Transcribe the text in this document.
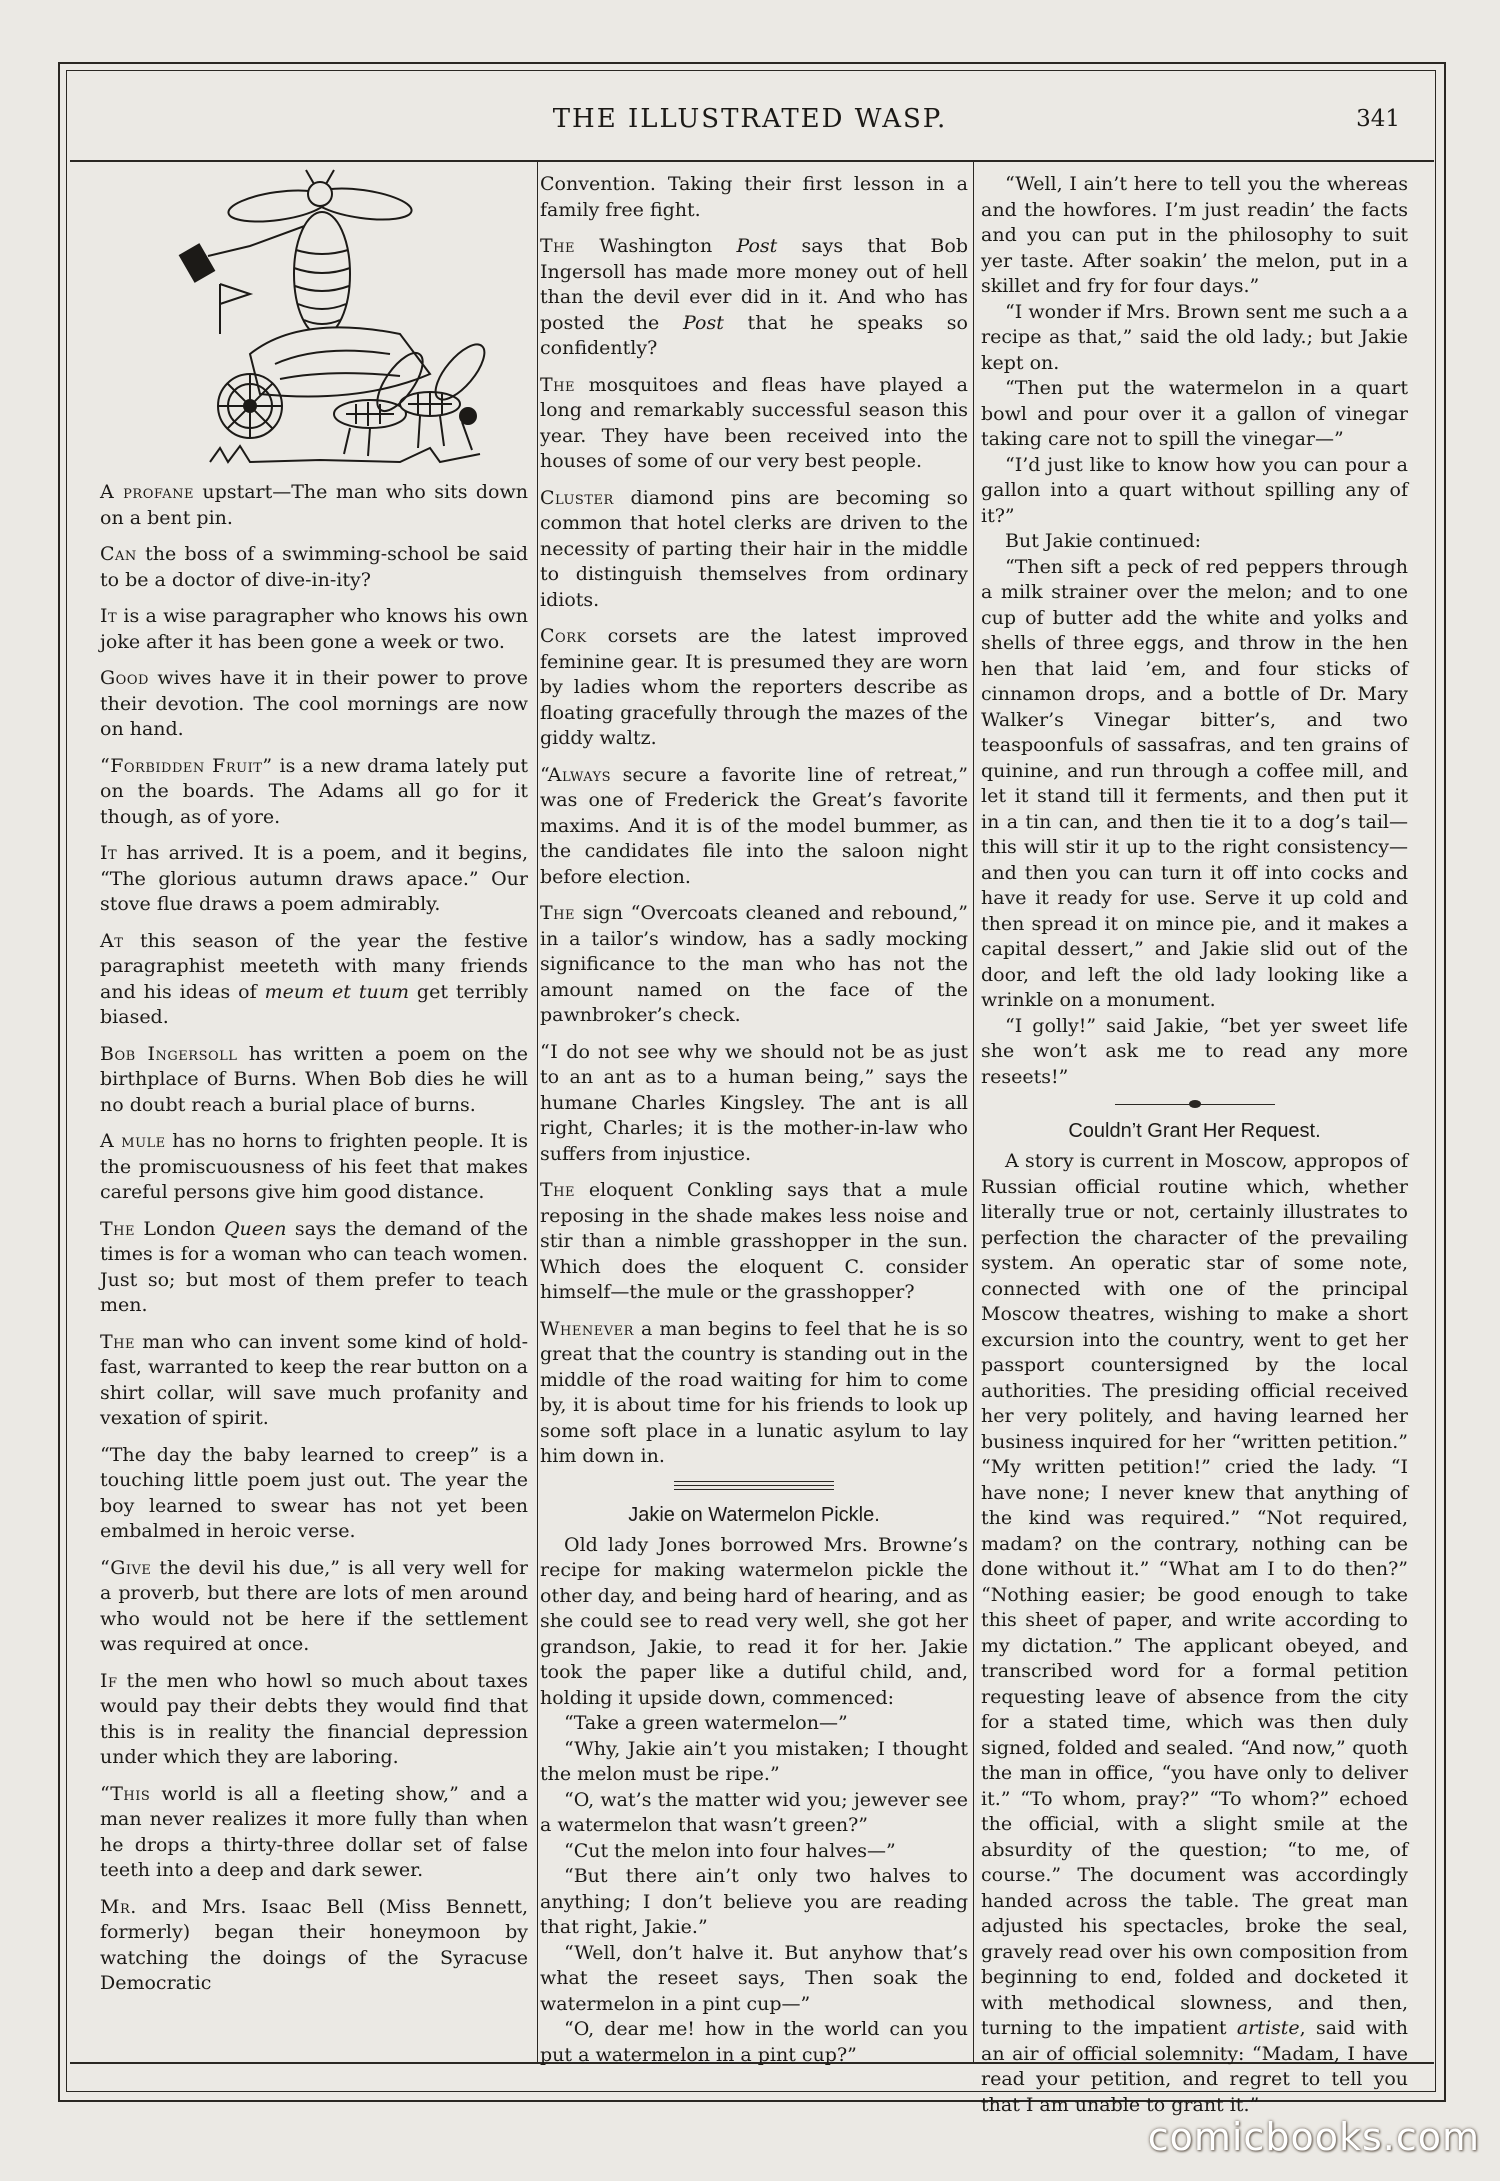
THE ILLUSTRATED WASP.	341

A profane upstart—The man who sits down on a bent pin.

Can the boss of a swimming-school be said to be a doctor of dive-in-ity?

It is a wise paragrapher who knows his own joke after it has been gone a week or two.

Good wives have it in their power to prove their devotion. The cool mornings are now on hand.

“Forbidden Fruit” is a new drama lately put on the boards. The Adams all go for it though, as of yore.

It has arrived. It is a poem, and it begins, “The glorious autumn draws apace.” Our stove flue draws a poem admirably.

At this season of the year the festive paragraphist meeteth with many friends and his ideas of meum et tuum get terribly biased.

Bob Ingersoll has written a poem on the birthplace of Burns. When Bob dies he will no doubt reach a burial place of burns.

A mule has no horns to frighten people. It is the promiscuousness of his feet that makes careful persons give him good distance.

The London Queen says the demand of the times is for a woman who can teach women. Just so; but most of them prefer to teach men.

The man who can invent some kind of hold-fast, warranted to keep the rear button on a shirt collar, will save much profanity and vexation of spirit.

“The day the baby learned to creep” is a touching little poem just out. The year the boy learned to swear has not yet been embalmed in heroic verse.

“Give the devil his due,” is all very well for a proverb, but there are lots of men around who would not be here if the settlement was required at once.

If the men who howl so much about taxes would pay their debts they would find that this is in reality the financial depression under which they are laboring.

“This world is all a fleeting show,” and a man never realizes it more fully than when he drops a thirty-three dollar set of false teeth into a deep and dark sewer.

Mr. and Mrs. Isaac Bell (Miss Bennett, formerly) began their honeymoon by watching the doings of the Syracuse Democratic

Convention. Taking their first lesson in a family free fight.

The Washington Post says that Bob Ingersoll has made more money out of hell than the devil ever did in it. And who has posted the Post that he speaks so confidently?

The mosquitoes and fleas have played a long and remarkably successful season this year. They have been received into the houses of some of our very best people.

Cluster diamond pins are becoming so common that hotel clerks are driven to the necessity of parting their hair in the middle to distinguish themselves from ordinary idiots.

Cork corsets are the latest improved feminine gear. It is presumed they are worn by ladies whom the reporters describe as floating gracefully through the mazes of the giddy waltz.

“Always secure a favorite line of retreat,” was one of Frederick the Great’s favorite maxims. And it is of the model bummer, as the candidates file into the saloon night before election.

The sign “Overcoats cleaned and rebound,” in a tailor’s window, has a sadly mocking significance to the man who has not the amount named on the face of the pawnbroker’s check.

“I do not see why we should not be as just to an ant as to a human being,” says the humane Charles Kingsley. The ant is all right, Charles; it is the mother-in-law who suffers from injustice.

The eloquent Conkling says that a mule reposing in the shade makes less noise and stir than a nimble grasshopper in the sun. Which does the eloquent C. consider himself—the mule or the grasshopper?

Whenever a man begins to feel that he is so great that the country is standing out in the middle of the road waiting for him to come by, it is about time for his friends to look up some soft place in a lunatic asylum to lay him down in.

Jakie on Watermelon Pickle.

Old lady Jones borrowed Mrs. Browne’s recipe for making watermelon pickle the other day, and being hard of hearing, and as she could see to read very well, she got her grandson, Jakie, to read it for her. Jakie took the paper like a dutiful child, and, holding it upside down, commenced:

“Take a green watermelon—”

“Why, Jakie ain’t you mistaken; I thought the melon must be ripe.”

“O, wat’s the matter wid you; jewever see a watermelon that wasn’t green?”

“Cut the melon into four halves—”

“But there ain’t only two halves to anything; I don’t believe you are reading that right, Jakie.”

“Well, don’t halve it. But anyhow that’s what the reseet says, Then soak the watermelon in a pint cup—”

“O, dear me! how in the world can you put a watermelon in a pint cup?”

“Well, I ain’t here to tell you the whereas and the howfores. I’m just readin’ the facts and you can put in the philosophy to suit yer taste. After soakin’ the melon, put in a skillet and fry for four days.”

“I wonder if Mrs. Brown sent me such a a recipe as that,” said the old lady.; but Jakie kept on.

“Then put the watermelon in a quart bowl and pour over it a gallon of vinegar taking care not to spill the vinegar—”

“I’d just like to know how you can pour a gallon into a quart without spilling any of it?”

But Jakie continued:

“Then sift a peck of red peppers through a milk strainer over the melon; and to one cup of butter add the white and yolks and shells of three eggs, and throw in the hen hen that laid ’em, and four sticks of cinnamon drops, and a bottle of Dr. Mary Walker’s Vinegar bitter’s, and two teaspoonfuls of sassafras, and ten grains of quinine, and run through a coffee mill, and let it stand till it ferments, and then put it in a tin can, and then tie it to a dog’s tail—this will stir it up to the right consistency—and then you can turn it off into cocks and have it ready for use. Serve it up cold and then spread it on mince pie, and it makes a capital dessert,” and Jakie slid out of the door, and left the old lady looking like a wrinkle on a monument.

“I golly!” said Jakie, “bet yer sweet life she won’t ask me to read any more reseets!”

Couldn’t Grant Her Request.

A story is current in Moscow, appropos of Russian official routine which, whether literally true or not, certainly illustrates to perfection the character of the prevailing system. An operatic star of some note, connected with one of the principal Moscow theatres, wishing to make a short excursion into the country, went to get her passport countersigned by the local authorities. The presiding official received her very politely, and having learned her business inquired for her “written petition.” “My written petition!” cried the lady. “I have none; I never knew that anything of the kind was required.” “Not required, madam? on the contrary, nothing can be done without it.” “What am I to do then?” “Nothing easier; be good enough to take this sheet of paper, and write according to my dictation.” The applicant obeyed, and transcribed word for a formal petition requesting leave of absence from the city for a stated time, which was then duly signed, folded and sealed. “And now,” quoth the man in office, “you have only to deliver it.” “To whom, pray?” “To whom?” echoed the official, with a slight smile at the absurdity of the question; “to me, of course.” The document was accordingly handed across the table. The great man adjusted his spectacles, broke the seal, gravely read over his own composition from beginning to end, folded and docketed it with methodical slowness, and then, turning to the impatient artiste, said with an air of official solemnity: “Madam, I have read your petition, and regret to tell you that I am unable to grant it.”

comicbooks.com
